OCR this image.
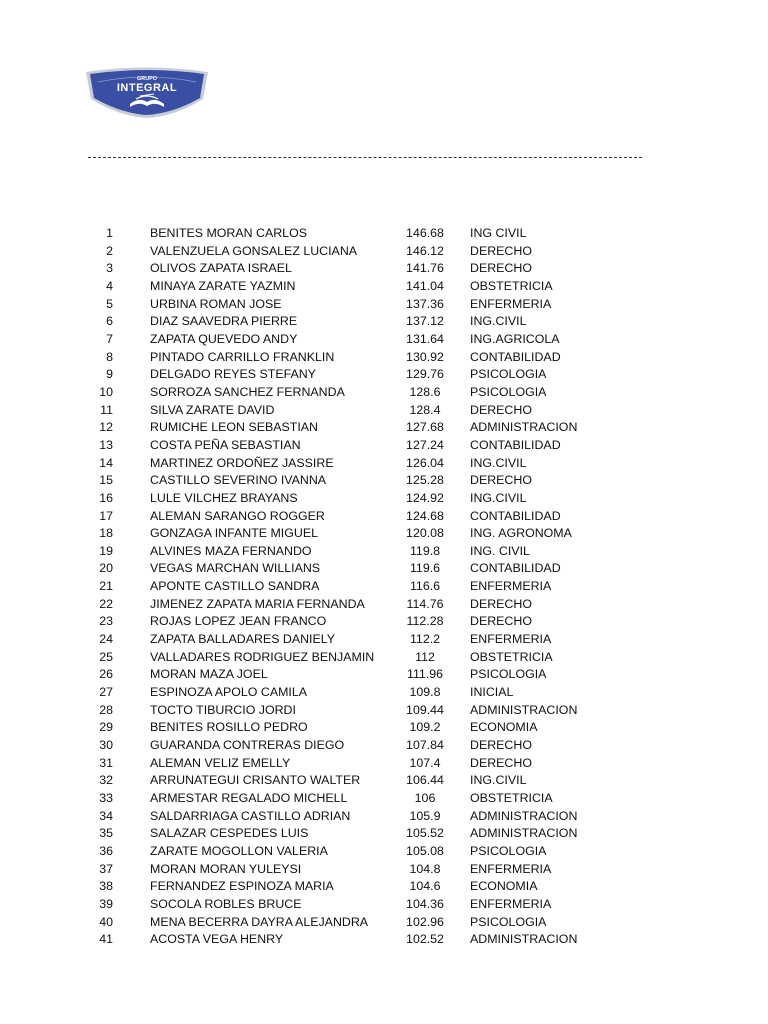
GRUPO
INTEGRAL
1	BENITES MORAN CARLOS	146.68	ING CIVIL
2	VALENZUELA GONSALEZ LUCIANA	146.12	DERECHO
3	OLIVOS ZAPATA ISRAEL	141.76	DERECHO
4	MINAYA ZARATE YAZMIN	141.04	OBSTETRICIA
5	URBINA ROMAN JOSE	137.36	ENFERMERIA
6	DIAZ SAAVEDRA PIERRE	137.12	ING.CIVIL
7	ZAPATA QUEVEDO ANDY	131.64	ING.AGRICOLA
8	PINTADO CARRILLO FRANKLIN	130.92	CONTABILIDAD
9	DELGADO REYES STEFANY	129.76	PSICOLOGIA
10	SORROZA SANCHEZ FERNANDA	128.6	PSICOLOGIA
11	SILVA ZARATE DAVID	128.4	DERECHO
12	RUMICHE LEON SEBASTIAN	127.68	ADMINISTRACION
13	COSTA PEÑA SEBASTIAN	127.24	CONTABILIDAD
14	MARTINEZ ORDOÑEZ JASSIRE	126.04	ING.CIVIL
15	CASTILLO SEVERINO IVANNA	125.28	DERECHO
16	LULE VILCHEZ BRAYANS	124.92	ING.CIVIL
17	ALEMAN SARANGO ROGGER	124.68	CONTABILIDAD
18	GONZAGA INFANTE MIGUEL	120.08	ING. AGRONOMA
19	ALVINES MAZA FERNANDO	119.8	ING. CIVIL
20	VEGAS MARCHAN WILLIANS	119.6	CONTABILIDAD
21	APONTE CASTILLO SANDRA	116.6	ENFERMERIA
22	JIMENEZ ZAPATA MARIA FERNANDA	114.76	DERECHO
23	ROJAS LOPEZ JEAN FRANCO	112.28	DERECHO
24	ZAPATA BALLADARES DANIELY	112.2	ENFERMERIA
25	VALLADARES RODRIGUEZ BENJAMIN	112	OBSTETRICIA
26	MORAN MAZA JOEL	111.96	PSICOLOGIA
27	ESPINOZA APOLO CAMILA	109.8	INICIAL
28	TOCTO TIBURCIO JORDI	109.44	ADMINISTRACION
29	BENITES ROSILLO PEDRO	109.2	ECONOMIA
30	GUARANDA CONTRERAS DIEGO	107.84	DERECHO
31	ALEMAN VELIZ EMELLY	107.4	DERECHO
32	ARRUNATEGUI CRISANTO WALTER	106.44	ING.CIVIL
33	ARMESTAR REGALADO MICHELL	106	OBSTETRICIA
34	SALDARRIAGA CASTILLO ADRIAN	105.9	ADMINISTRACION
35	SALAZAR CESPEDES LUIS	105.52	ADMINISTRACION
36	ZARATE MOGOLLON VALERIA	105.08	PSICOLOGIA
37	MORAN MORAN YULEYSI	104.8	ENFERMERIA
38	FERNANDEZ ESPINOZA MARIA	104.6	ECONOMIA
39	SOCOLA ROBLES BRUCE	104.36	ENFERMERIA
40	MENA BECERRA DAYRA ALEJANDRA	102.96	PSICOLOGIA
41	ACOSTA VEGA HENRY	102.52	ADMINISTRACION
